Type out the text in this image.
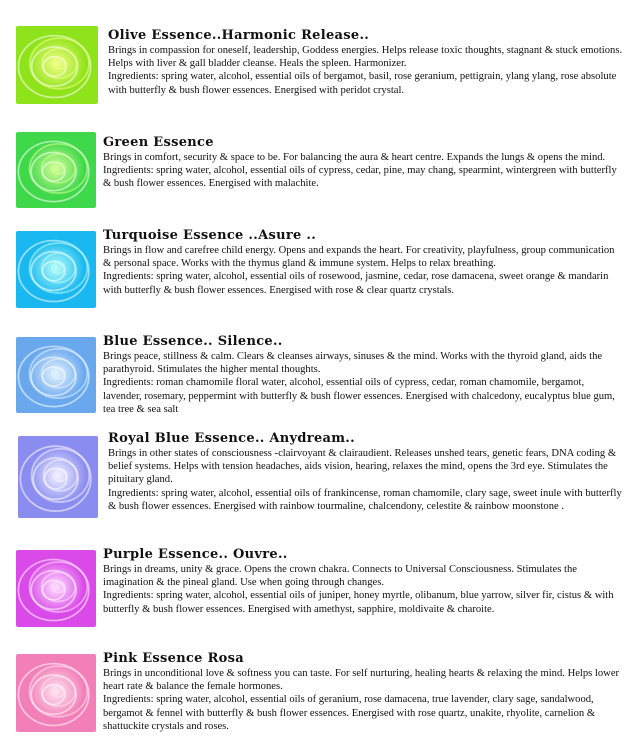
Olive Essence..Harmonic Release..

Brings in compassion for oneself, leadership, Goddess energies. Helps release toxic thoughts, stagnant & stuck emotions. Helps with liver & gall bladder cleanse. Heals the spleen. Harmonizer.

Ingredients: spring water, alcohol, essential oils of bergamot, basil, rose geranium, pettigrain, ylang ylang, rose absolute with butterfly & bush flower essences. Energised with peridot crystal.

Green Essence

Brings in comfort, security & space to be. For balancing the aura & heart centre. Expands the lungs & opens the mind.

Ingredients: spring water, alcohol, essential oils of cypress, cedar, pine, may chang, spearmint, wintergreen with butterfly & bush flower essences. Energised with malachite.

Turquoise Essence ..Asure ..

Brings in flow and carefree child energy. Opens and expands the heart. For creativity, playfulness, group communication & personal space. Works with the thymus gland & immune system. Helps to relax breathing.

Ingredients: spring water, alcohol, essential oils of rosewood, jasmine, cedar, rose damacena, sweet orange & mandarin with butterfly & bush flower essences. Energised with rose & clear quartz crystals.

Blue Essence.. Silence..

Brings peace, stillness & calm. Clears & cleanses airways, sinuses & the mind. Works with the thyroid gland, aids the parathyroid. Stimulates the higher mental thoughts.

Ingredients: roman chamomile floral water, alcohol, essential oils of cypress, cedar, roman chamomile, bergamot, lavender, rosemary, peppermint with butterfly & bush flower essences. Energised with chalcedony, eucalyptus blue gum, tea tree & sea salt

Royal Blue Essence.. Anydream..

Brings in other states of consciousness -clairvoyant & clairaudient. Releases unshed tears, genetic fears, DNA coding & belief systems. Helps with tension headaches, aids vision, hearing, relaxes the mind, opens the 3rd eye. Stimulates the pituitary gland.

Ingredients: spring water, alcohol, essential oils of frankincense, roman chamomile, clary sage, sweet inule with butterfly & bush flower essences. Energised with rainbow tourmaline, chalcendony, celestite & rainbow moonstone .

Purple Essence.. Ouvre..

Brings in dreams, unity & grace. Opens the crown chakra. Connects to Universal Consciousness. Stimulates the imagination & the pineal gland. Use when going through changes.

Ingredients: spring water, alcohol, essential oils of juniper, honey myrtle, olibanum, blue yarrow, silver fir, cistus & with butterfly & bush flower essences. Energised with amethyst, sapphire, moldivaite & charoite.

Pink Essence Rosa

Brings in unconditional love & softness you can taste. For self nurturing, healing hearts & relaxing the mind. Helps lower heart rate & balance the female hormones.

Ingredients: spring water, alcohol, essential oils of geranium, rose damacena, true lavender, clary sage, sandalwood, bergamot & fennel with butterfly & bush flower essences. Energised with rose quartz, unakite, rhyolite, carnelion & shattuckite crystals and roses.
